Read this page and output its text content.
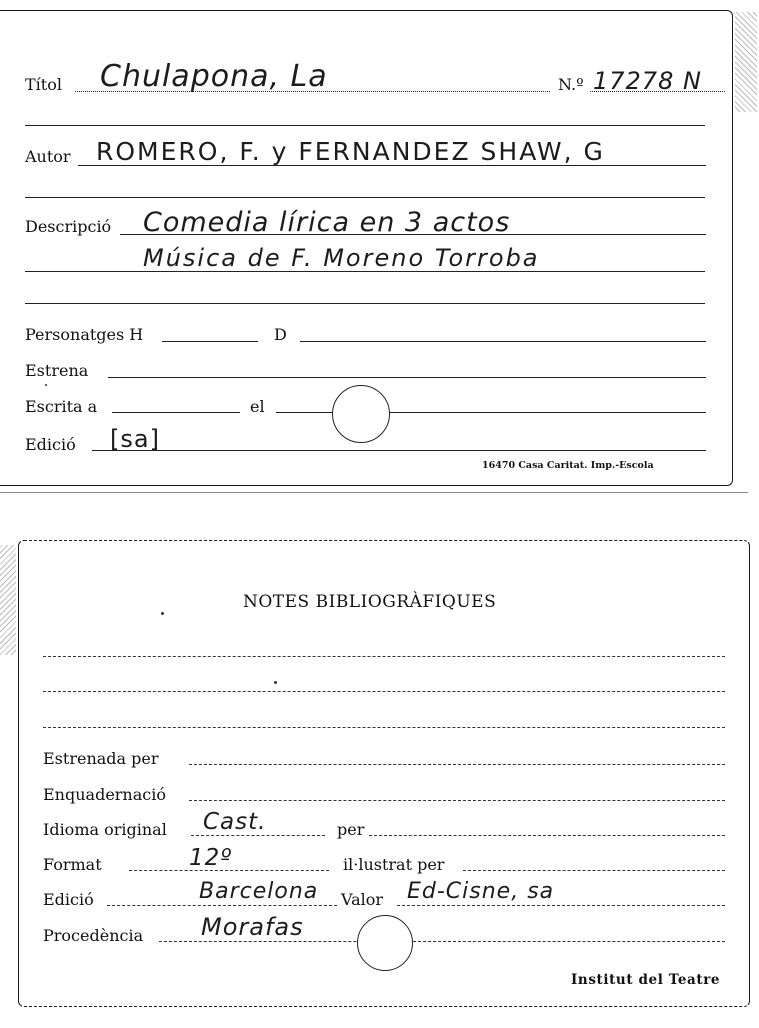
Títol Chulapona, La	N.º 17278 N
Autor ROMERO, F. y FERNANDEZ SHAW, G
Descripció Comedia lírica en 3 actos
Música de F. Moreno Torroba
Personatges H	D
Estrena
Escrita a	el
Edició [sa]
16470 Casa Caritat. Imp.-Escola
NOTES BIBLIOGRÀFIQUES
Estrenada per
Enquadernació
Idioma original Cast.	per
Format	12º	il·lustrat per
Edició	Barcelona Valor Ed-Cisne, sa
Procedència Morafas
Institut del Teatre
